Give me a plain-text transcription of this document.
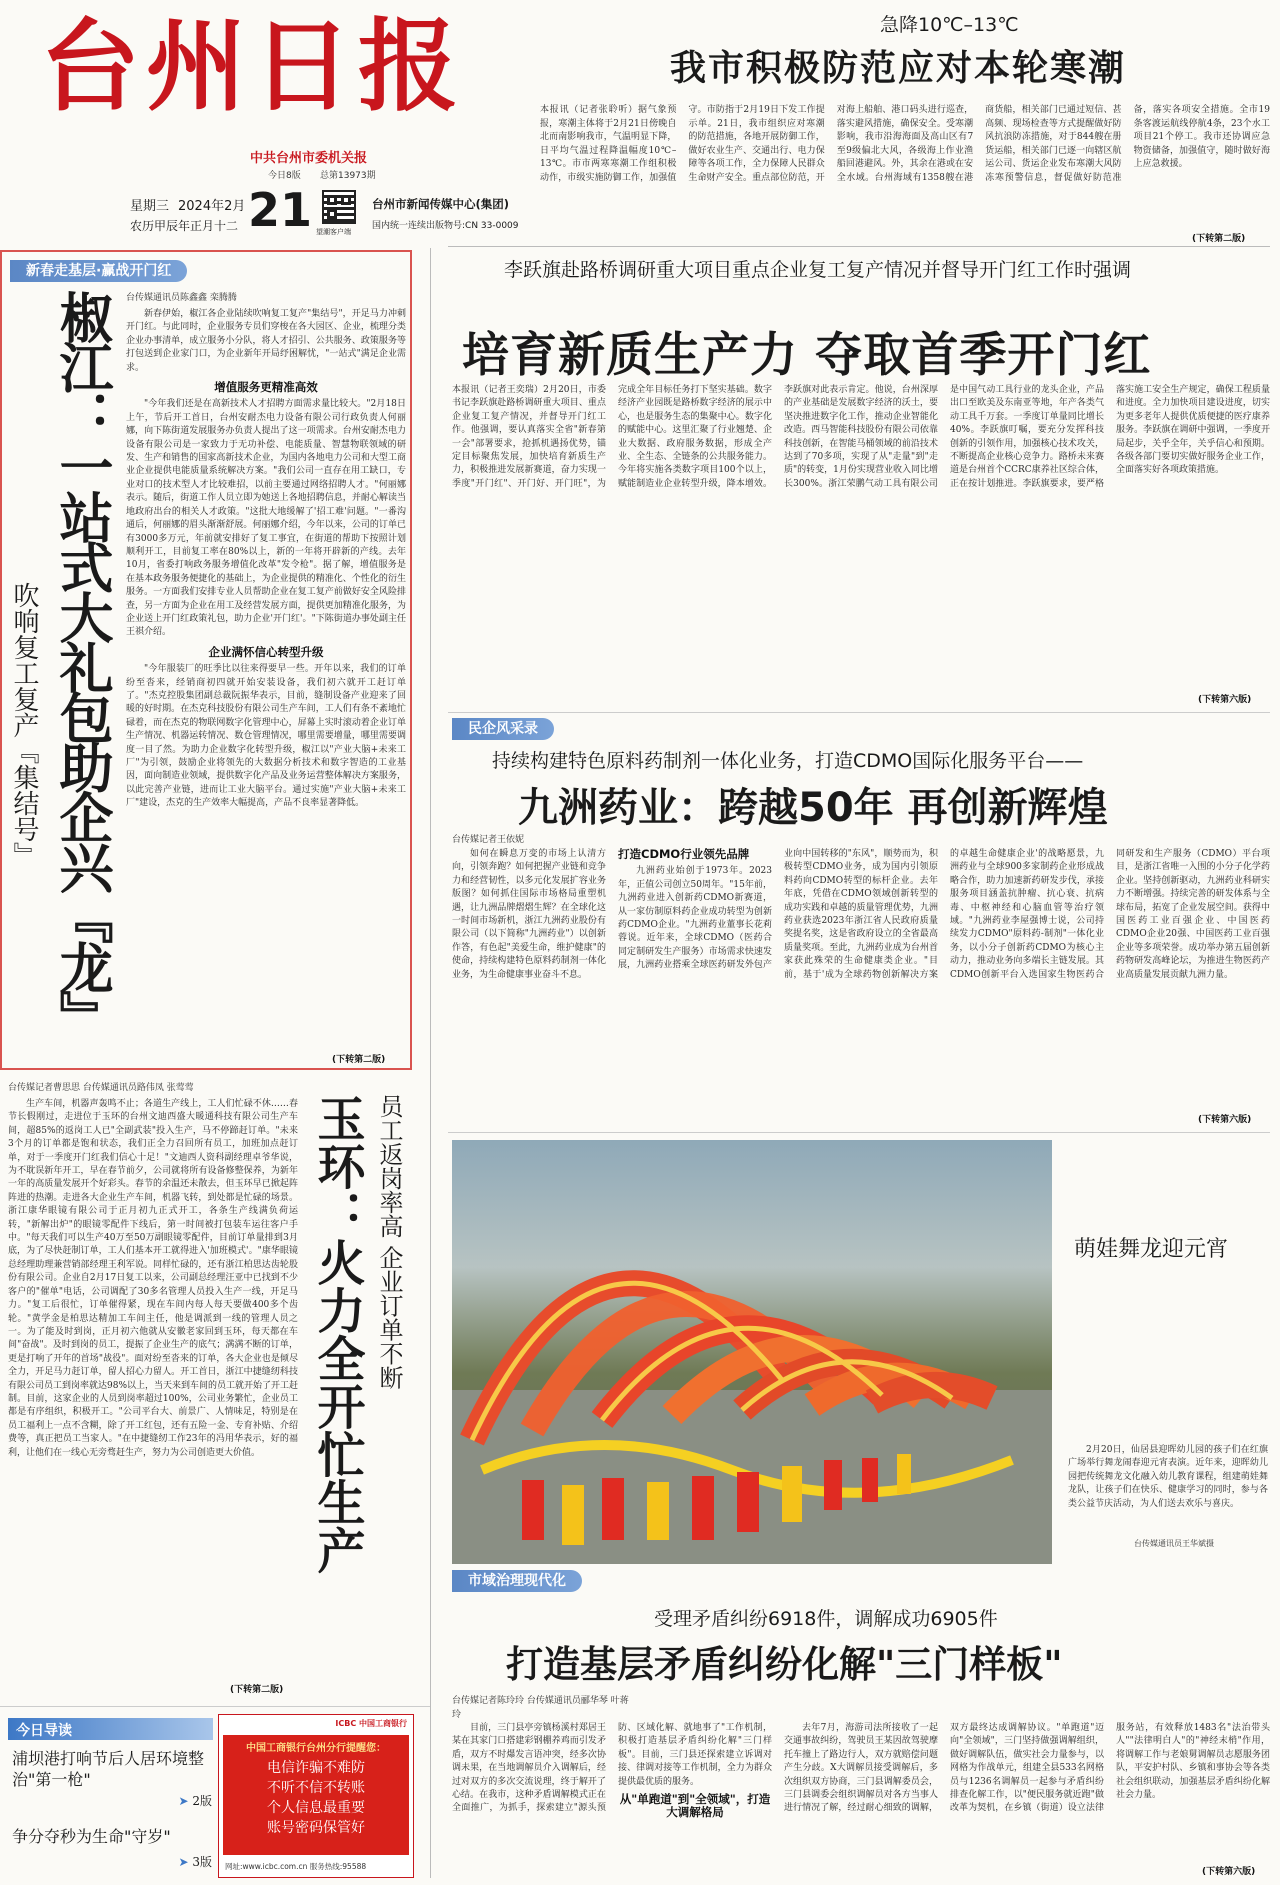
台州日报
中共台州市委机关报
今日8版 总第13973期
星期三 2024年2月
农历甲辰年正月十二 21 望潮客户端
台州市新闻传媒中心(集团)
国内统一连续出版物号:CN 33-0009
急降10℃–13℃
我市积极防范应对本轮寒潮
本报讯（记者张聆听）据气象预报，寒潮主体将于2月21日傍晚自北而南影响我市，气温明显下降，日平均气温过程降温幅度10℃–13℃。市市两寒寒潮工作组积极动作，市级实施防御工作，加强值守。市防指于2月19日下发工作提示单。21日，我市组织应对寒潮的防范措施，各地开展防御工作，做好农业生产、交通出行、电力保障等各项工作，全力保障人民群众生命财产安全。重点部位防范，开对海上船舶、港口码头进行巡查，落实避风措施，确保安全。受寒潮影响，我市沿海海面及高山区有7至9级偏北大风，各级海上作业渔船回港避风。外，其余在港或在安全水域。台州海域有1358艘在港商货船，相关部门已通过短信、甚高频、现场检查等方式提醒做好防风抗浪防冻措施，对于844艘在册货运船，相关部门已逐一向辖区航运公司、货运企业发布寒潮大风防冻寒预警信息，督促做好防范准备，落实各项安全措施。全市19条客渡运航线停航4条，23个水工项目21个停工。我市还协调应急物资储备，加强值守，随时做好海上应急救援。
(下转第二版)
新春走基层·赢战开门红
椒江：一站式大礼包助企兴『龙』
吹响复工复产『集结号』
台传媒通讯员陈鑫鑫 栾腾腾

新春伊始，椒江各企业陆续吹响复工复产"集结号"，开足马力冲刺开门红。与此同时，企业服务专员们穿梭在各大园区、企业，梳理分类企业办事清单，成立服务小分队，将人才招引、公共服务、政策服务等打包送到企业家门口，为企业新年开局纾困解忧，"一站式"满足企业需求。

增值服务更精准高效

"今年我们还是在高新技术人才招聘方面需求量比较大。"2月18日上午，节后开工首日，台州安耐杰电力设备有限公司行政负责人何丽娜，向下陈街道发展服务办负责人提出了这一项需求。台州安耐杰电力设备有限公司是一家致力于无功补偿、电能质量、智慧物联领域的研发、生产和销售的国家高新技术企业，为国内各地电力公司和大型工商业企业提供电能质量系统解决方案。"我们公司一直存在用工缺口，专业对口的技术型人才比较难招，以前主要通过网络招聘人才。"何丽娜表示。随后，街道工作人员立即为她送上各地招聘信息，并耐心解读当地政府出台的相关人才政策。"这批大地缓解了'招工难'问题。"一番沟通后，何丽娜的眉头渐渐舒展。何丽娜介绍，今年以来，公司的订单已有3000多万元，年前就安排好了复工事宜，在街道的帮助下按照计划顺利开工，目前复工率在80%以上，新的一年将开辟新的产线。去年10月，省委打响政务服务增值化改革"发令枪"。据了解，增值服务是在基本政务服务便捷化的基础上，为企业提供的精准化、个性化的衍生服务。一方面我们安排专业人员帮助企业在复工复产前做好安全风险排查，另一方面为企业在用工及经营发展方面，提供更加精准化服务，为企业送上开门红政策礼包，助力企业'开门红'。"下陈街道办事处副主任王祺介绍。

企业满怀信心转型升级

"今年服装厂的旺季比以往来得要早一些。开年以来，我们的订单纷至沓来，经销商初四就开始安装设备，我们初六就开工赶订单了。"杰克控股集团副总裁阮振华表示，目前，缝制设备产业迎来了回暖的好时期。在杰克科技股份有限公司生产车间，工人们有条不紊地忙碌着，而在杰克的物联网数字化管理中心，屏幕上实时滚动着企业订单生产情况、机器运转情况、数仓管理情况，哪里需要增量，哪里需要调度一目了然。为助力企业数字化转型升级，椒江以"产业大脑+未来工厂"为引领，鼓励企业将领先的大数据分析技术和数字智造的工业基因，面向制造业领域，提供数字化产品及业务运营整体解决方案服务，以此完善产业链，进而让工业大脑平台。通过实施"产业大脑+未来工厂"建设，杰克的生产效率大幅提高，产品不良率显著降低。

(下转第二版)
李跃旗赴路桥调研重大项目重点企业复工复产情况并督导开门红工作时强调
培育新质生产力 夺取首季开门红
本报讯（记者王奕瑞）2月20日，市委书记李跃旗赴路桥调研重大项目、重点企业复工复产情况，并督导开门红工作。他强调，要认真落实全省"新春第一会"部署要求，抢抓机遇扬优势，锚定目标聚焦发展，加快培育新质生产力，积极推进发展新赛道，奋力实现一季度"开门红"、开门好、开门旺"，为完成全年目标任务打下坚实基础。数字经济产业园既是路桥数字经济的展示中心，也是服务生态的集聚中心。数字化的赋能中心。这里汇聚了行业翘楚、企业大数据、政府服务数据，形成全产业、全生态、全链条的公共服务能力。今年将实施各类数字项目100个以上，赋能制造业企业转型升级，降本增效。李跃旗对此表示肯定。他说，台州深厚的产业基础是发展数字经济的沃土，要坚决推进数字化工作，推动企业智能化改造。西马智能科技股份有限公司依靠科技创新，在智能马桶领域的前沿技术达到了70多项，实现了从"走量"到"走质"的转变，1月份实现营业收入同比增长300%。浙江荣鹏气动工具有限公司是中国气动工具行业的龙头企业，产品出口至欧美及东南亚等地，年产各类气动工具千万套。一季度订单量同比增长40%。李跃旗叮嘱，要充分发挥科技创新的引领作用，加强核心技术攻关，不断提高企业核心竞争力。路桥未来赛道是台州首个CCRC康养社区综合体，正在按计划推进。李跃旗要求，要严格落实施工安全生产规定，确保工程质量和进度。全力加快项目建设进度，切实为更多老年人提供优质便捷的医疗康养服务。李跃旗在调研中强调，一季度开局起步，关乎全年，关乎信心和预期。各级各部门要切实做好服务企业工作，全面落实好各项政策措施。
(下转第六版)
民企风采录
持续构建特色原料药制剂一体化业务，打造CDMO国际化服务平台——
九洲药业：跨越50年 再创新辉煌
台传媒记者王依妮

如何在瞬息万变的市场上认清方向，引领奔跑？如何把握产业链和竞争力和经营韧性，以多元化发展扩容业务版图？如何抓住国际市场格局重塑机遇，让九洲品牌熠熠生辉？在全球化这一时间市场新机，浙江九洲药业股份有限公司（以下简称"九洲药业"）以创新作答，有色起"美爱生命，维护健康"的使命，持续构建特色原料药制剂一体化业务，为生命健康事业奋斗不息。

打造CDMO行业领先品牌

九洲药业始创于1973年。2023年，正值公司创立50周年。"15年前，九洲药业进入创新药CDMO新赛道，从一家仿制原料药企业成功转型为创新药CDMO企业。"九洲药业董事长花莉蓉说。近年来，全球CDMO（医药合同定制研发生产服务）市场需求快速发展，九洲药业搭乘全球医药研发外包产业向中国转移的"东风"，顺势而为，积极转型CDMO业务，成为国内引领原料药向CDMO转型的标杆企业。去年年底，凭借在CDMO领域创新转型的成功实践和卓越的质量管理优势，九洲药业获选2023年浙江省人民政府质量奖提名奖，这是省政府设立的全省最高质量奖项。至此，九洲药业成为台州首家获此殊荣的生命健康类企业。"目前，基于'成为全球药物创新解决方案的卓越生命健康企业'的战略愿景，九洲药业与全球900多家制药企业形成战略合作，助力加速新药研发步伐，承接服务项目涵盖抗肿瘤、抗心衰、抗病毒、中枢神经和心脑血管等治疗领域。"九洲药业李屋强博士说，公司持续发力CDMO"原料药-制剂"一体化业务，以小分子创新药CDMO为核心主动力，推动业务向多端长主链发展。其CDMO创新平台入选国家生物医药合同研发和生产服务（CDMO）平台项目，是浙江省唯一入围的小分子化学药企业。坚持创新驱动，九洲药业科研实力不断增强。持续完善的研发体系与全球布局，拓宽了企业发展空间。获得中国医药工业百强企业、中国医药CDMO企业20强、中国医药工业百强企业等多项荣誉。成功举办第五届创新药物研发高峰论坛，为推进生物医药产业高质量发展贡献九洲力量。

(下转第六版)
台传媒记者曹思思 台传媒通讯员路伟凤 张莺莺
生产车间，机器声轰鸣不止；各道生产线上，工人们忙碌不休……春节长假刚过，走进位于玉环的台州文迪西盛大暖通科技有限公司生产车间，超85%的返岗工人已"全副武装"投入生产，马不停蹄赶订单。"未来3个月的订单都是饱和状态，我们正全力召回所有员工，加班加点赶订单，对于一季度开门红我们信心十足！"文迪西人资科副经理卓爷华说，为不耽误新年开工，早在春节前夕，公司就将所有设备修整保养，为新年一年的高质量发展开个好彩头。春节的余温还未散去，但玉环早已掀起阵阵进的热潮。走进各大企业生产车间，机器飞转，到处都是忙碌的场景。浙江康华眼镜有限公司于正月初九正式开工，各条生产线满负荷运转，"新解出炉"的眼镜零配件下线后，第一时间被打包装车运往客户手中。"每天我们可以生产40万至50万副眼镜零配件，目前订单量排到3月底，为了尽快赶制订单，工人们基本开工就得进入'加班模式'。"康华眼镜总经理助理兼营销部经理王利军说。同样忙碌的，还有浙江柏思达齿轮股份有限公司。企业自2月17日复工以来，公司副总经理汪亚中已找到不少客户的"催单"电话，公司调配了30多名管理人员投入生产一线，开足马力。"复工后很忙，订单催得紧，现在车间内每人每天要做400多个齿轮。"黄学金是柏思达精加工车间主任，他是调派到一线的管理人员之一。为了能及时到岗，正月初六他就从安徽老家回到玉环，每天都在车间"奋战"。及时到岗的员工，提振了企业生产的底气；满满不断的订单，更是打响了开年的首场"战役"。面对纷至沓来的订单，各大企业也是倾尽全力，开足马力赶订单，留人招心力留人。开工首日，浙江中捷缝纫科技有限公司员工到岗率就达98%以上，当天来到车间的员工就开始了开工赶制。目前，这家企业的人员到岗率超过100%，公司业务繁忙，企业员工都是有序组织，积极开工。"公司平台大、前景广、人情味足，特别是在员工福利上一点不含糊，除了开工红包，还有五险一金、专育补贴、介绍费等，真正把员工当家人。"在中捷缝纫工作23年的冯用华表示，好的福利，让他们在一线心无旁骛赶生产，努力为公司创造更大价值。	玉环：火力全开忙生产 员工返岗率高 企业订单不断
(下转第二版)
萌娃舞龙迎元宵
2月20日，仙居县迎晖幼儿园的孩子们在红旗广场举行舞龙闹春迎元宵表演。近年来，迎晖幼儿园把传统舞龙文化融入幼儿教育课程，组建萌娃舞龙队，让孩子们在快乐、健康学习的同时，参与各类公益节庆活动，为人们送去欢乐与喜庆。
台传媒通讯员王华斌摄
市域治理现代化
受理矛盾纠纷6918件，调解成功6905件
打造基层矛盾纠纷化解"三门样板"
台传媒记者陈玲玲 台传媒通讯员郦华琴 叶蒋玲

目前，三门县亭旁镇杨溪村郑居王某在其家门口搭建彩钢棚养鸡而引发矛盾，双方不时爆发言语冲突，经多次协调未果，在当地调解员介入调解后，经过对双方的多次交流说理，终于解开了心结。在我市，这种矛盾调解模式正在全面推广，为抓手，探索建立"源头预防、区域化解、就地事了"工作机制，积极打造基层矛盾纠纷化解"三门样板"。目前，三门县还探索建立诉调对接、律调对接等工作机制，全力为群众提供最优质的服务。

从"单跑道"到"全领域"，打造大调解格局

去年7月，海游司法所接收了一起交通事故纠纷，驾驶员王某因故驾驶摩托车撞上了路边行人，双方就赔偿问题产生分歧。X大调解员接受调解后，多次组织双方协商，三门县调解委员会，三门县调委会组织调解员对各方当事人进行情况了解，经过耐心细致的调解，双方最终达成调解协议。"单跑道"迈向"全领域"，三门坚持做强调解组织，做好调解队伍，做实社会力量参与，以网格为作战单元，组建全县533名网格员与1236名调解员一起参与矛盾纠纷排查化解工作，以"便民服务就近跑"做改革为契机，在乡镇（街道）设立法律服务站，有效释放1483名"法治带头人""法律明白人"的"神经末梢"作用，将调解工作与老娘舅调解员志愿服务团队，平安护村队、乡镇和事协会等各类社会组织联动，加强基层矛盾纠纷化解社会力量。

(下转第六版)
今日导读
浦坝港打响节后人居环境整治"第一枪"
➤ 2版
争分夺秒为生命"守岁"
➤ 3版
ICBC 中国工商银行
中国工商银行台州分行提醒您：
电信诈骗不难防
不听不信不转账
个人信息最重要
账号密码保管好
网址:www.icbc.com.cn 服务热线:95588
